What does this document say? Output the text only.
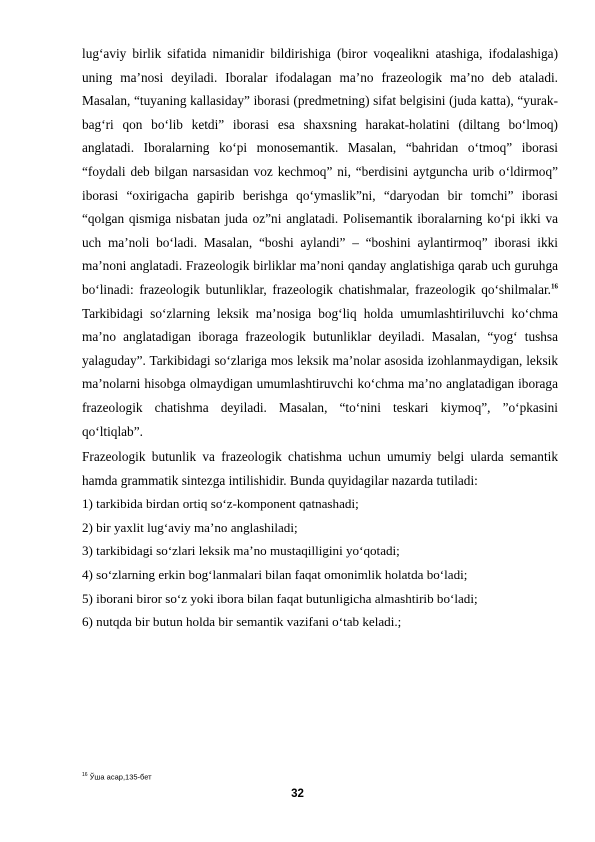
lug‘aviy birlik sifatida nimanidir bildirishiga (biror voqealikni atashiga, ifodalashiga) uning ma’nosi deyiladi. Iboralar ifodalagan ma’no frazeologik ma’no deb ataladi. Masalan, “tuyaning kallasiday” iborasi (predmetning) sifat belgisini (juda katta), “yurak-bag‘ri qon bo‘lib ketdi” iborasi esa shaxsning harakat-holatini (diltang bo‘lmoq) anglatadi. Iboralarning ko‘pi monosemantik. Masalan, “bahridan o‘tmoq” iborasi “foydali deb bilgan narsasidan voz kechmoq” ni, “berdisini aytguncha urib o‘ldirmoq” iborasi “oxirigacha gapirib berishga qo‘ymaslik”ni, “daryodan bir tomchi” iborasi “qolgan qismiga nisbatan juda oz”ni anglatadi. Polisemantik iboralarning ko‘pi ikki va uch ma’noli bo‘ladi. Masalan, “boshi aylandi” – “boshini aylantirmoq” iborasi ikki ma’noni anglatadi. Frazeologik birliklar ma’noni qanday anglatishiga qarab uch guruhga bo‘linadi: frazeologik butunliklar, frazeologik chatishmalar, frazeologik qo‘shilmalar.$^{16}$ Tarkibidagi so‘zlarning leksik ma’nosiga bog‘liq holda umumlashtiriluvchi ko‘chma ma’no anglatadigan iboraga frazeologik butunliklar deyiladi. Masalan, “yog‘ tushsa yalaguday”. Tarkibidagi so‘zlariga mos leksik ma’nolar asosida izohlanmaydigan, leksik ma’nolarni hisobga olmaydigan umumlashtiruvchi ko‘chma ma’no anglatadigan iboraga frazeologik chatishma deyiladi. Masalan, “to‘nini teskari kiymoq”, ”o‘pkasini qo‘ltiqlab”.

Frazeologik butunlik va frazeologik chatishma uchun umumiy belgi ularda semantik hamda grammatik sintezga intilishidir. Bunda quyidagilar nazarda tutiladi:

1) tarkibida birdan ortiq so‘z-komponent qatnashadi;
2) bir yaxlit lug‘aviy ma’no anglashiladi;
3) tarkibidagi so‘zlari leksik ma’no mustaqilligini yo‘qotadi;
4) so‘zlarning erkin bog‘lanmalari bilan faqat omonimlik holatda bo‘ladi;
5) iborani biror so‘z yoki ibora bilan faqat butunligicha almashtirib bo‘ladi;
6) nutqda bir butun holda bir semantik vazifani o‘tab keladi.;
$^{16}$ Ўша асар,135-бет
32
